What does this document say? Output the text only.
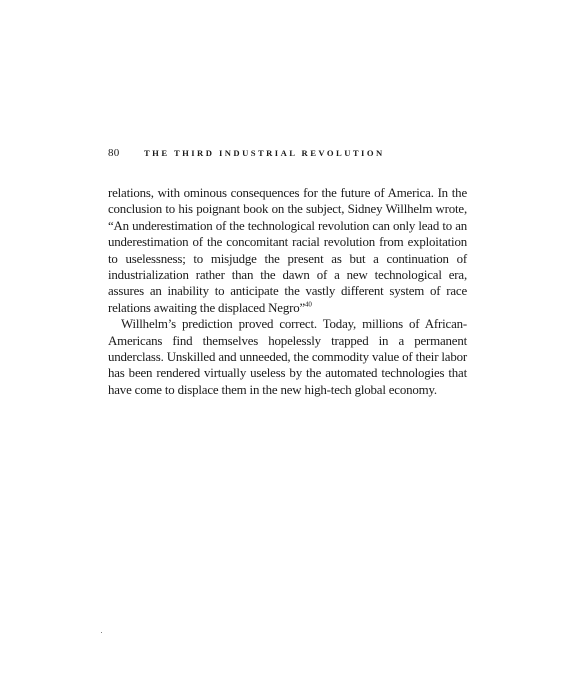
80	THE THIRD INDUSTRIAL REVOLUTION

relations, with ominous consequences for the future of America. In the conclusion to his poignant book on the subject, Sidney Willhelm wrote, “An underestimation of the technological revolution can only lead to an underestimation of the concomitant racial revolution from exploitation to uselessness; to misjudge the present as but a continuation of industrialization rather than the dawn of a new technological era, assures an inability to anticipate the vastly different system of race relations awaiting the displaced Negro”$^{40}$

Willhelm’s prediction proved correct. Today, millions of African-Americans find themselves hopelessly trapped in a permanent underclass. Unskilled and unneeded, the commodity value of their labor has been rendered virtually useless by the automated technologies that have come to displace them in the new high-tech global economy.
